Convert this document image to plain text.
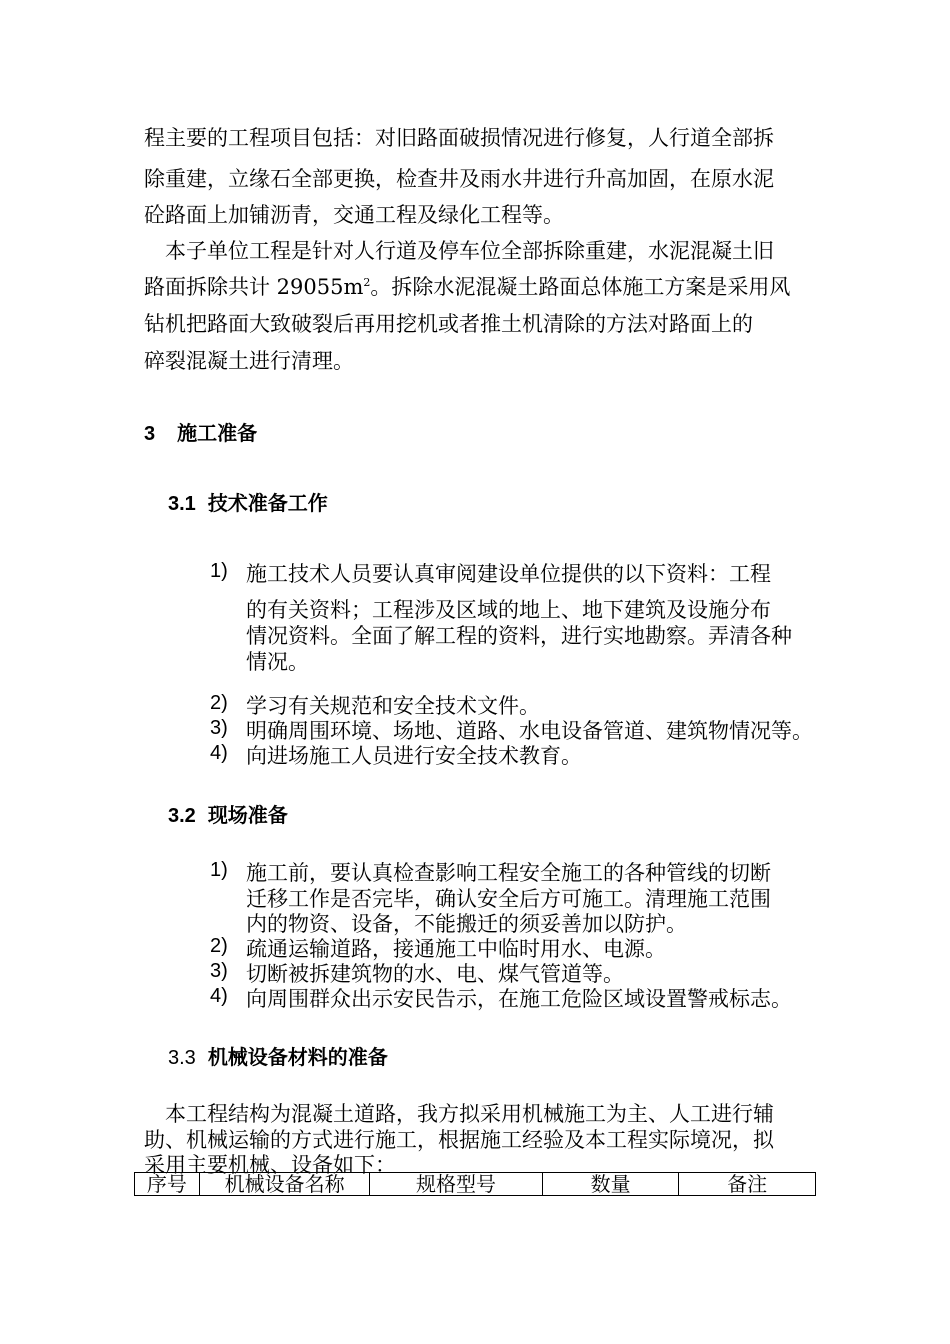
程主要的工程项目包括：对旧路面破损情况进行修复，人行道全部拆
除重建，立缘石全部更换，检查井及雨水井进行升高加固，在原水泥
砼路面上加铺沥青，交通工程及绿化工程等。
本子单位工程是针对人行道及停车位全部拆除重建，水泥混凝土旧
路面拆除共计 $29055m^2$。拆除水泥混凝土路面总体施工方案是采用风
钻机把路面大致破裂后再用挖机或者推土机清除的方法对路面上的
碎裂混凝土进行清理。
3 施工准备
3.1 技术准备工作
1) 施工技术人员要认真审阅建设单位提供的以下资料：工程
的有关资料；工程涉及区域的地上、地下建筑及设施分布
情况资料。全面了解工程的资料，进行实地勘察。弄清各种
情况。
2) 学习有关规范和安全技术文件。
3) 明确周围环境、场地、道路、水电设备管道、建筑物情况等。
4) 向进场施工人员进行安全技术教育。
3.2 现场准备
1) 施工前，要认真检查影响工程安全施工的各种管线的切断
迁移工作是否完毕，确认安全后方可施工。清理施工范围
内的物资、设备，不能搬迁的须妥善加以防护。
2) 疏通运输道路，接通施工中临时用水、电源。
3) 切断被拆建筑物的水、电、煤气管道等。
4) 向周围群众出示安民告示，在施工危险区域设置警戒标志。
3.3 机械设备材料的准备
本工程结构为混凝土道路，我方拟采用机械施工为主、人工进行辅
助、机械运输的方式进行施工，根据施工经验及本工程实际境况，拟
采用主要机械、设备如下：
序号	机械设备名称	规格型号	数量	备注
